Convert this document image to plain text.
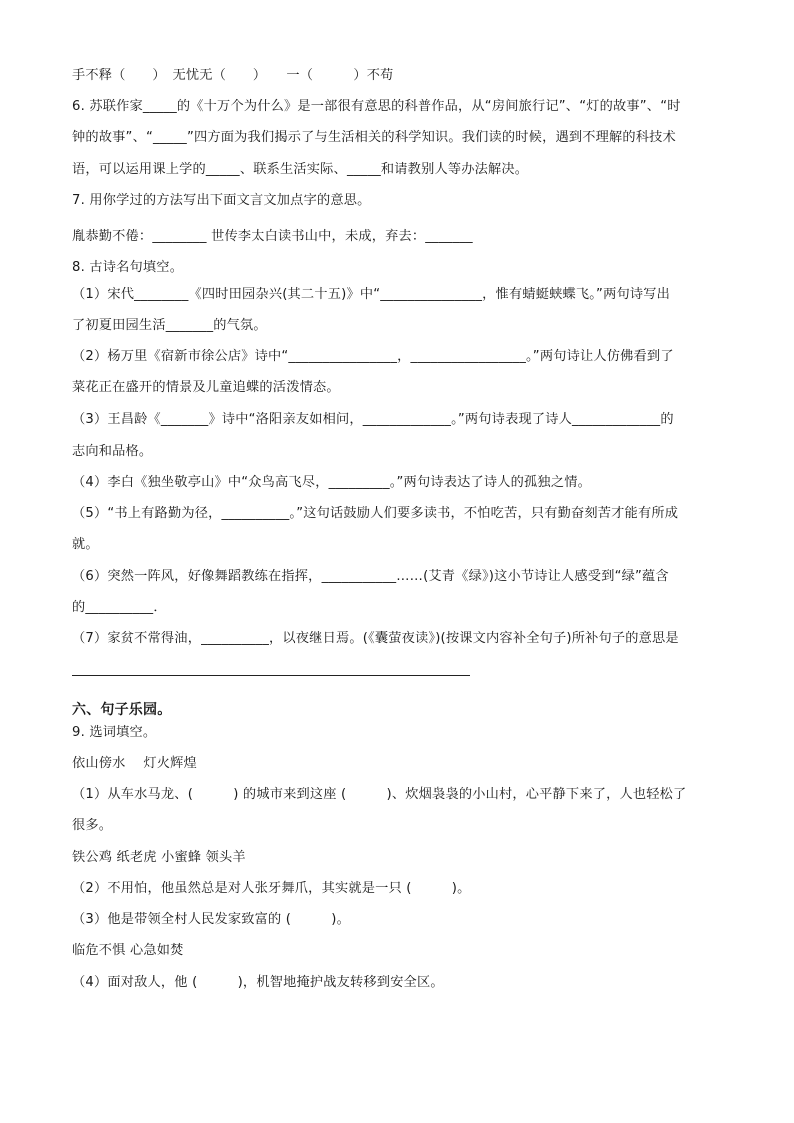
手不释（　　）　无忧无（　　）　　一（　　　）不苟
6. 苏联作家_____的《十万个为什么》是一部很有意思的科普作品，从“房间旅行记”、“灯的故事”、“时
钟的故事”、“_____”四方面为我们揭示了与生活相关的科学知识。我们读的时候，遇到不理解的科技术
语，可以运用课上学的_____、联系生活实际、_____和请教别人等办法解决。
7. 用你学过的方法写出下面文言文加点字的意思。
胤恭勤不倦：________ 世传李太白读书山中，未成，弃去：_______
8. 古诗名句填空。
（1）宋代________《四时田园杂兴(其二十五)》中“_______________，惟有蜻蜓蛱蝶飞。”两句诗写出
了初夏田园生活_______的气氛。
（2）杨万里《宿新市徐公店》诗中“________________，_________________。”两句诗让人仿佛看到了
菜花正在盛开的情景及儿童追蝶的活泼情态。
（3）王昌龄《_______》诗中“洛阳亲友如相问，_____________。”两句诗表现了诗人_____________的
志向和品格。
（4）李白《独坐敬亭山》中“众鸟高飞尽，_________。”两句诗表达了诗人的孤独之情。
（5）“书上有路勤为径，__________。”这句话鼓励人们要多读书，不怕吃苦，只有勤奋刻苦才能有所成
就。
（6）突然一阵风，好像舞蹈教练在指挥，___________……(艾青《绿》)这小节诗让人感受到“绿”蕴含
的__________．
（7）家贫不常得油，__________，以夜继日焉。(《囊萤夜读》)(按课文内容补全句子)所补句子的意思是
六、句子乐园。
9. 选词填空。
依山傍水　 灯火辉煌
（1）从车水马龙、(　　　) 的城市来到这座 (　　　)、炊烟袅袅的小山村，心平静下来了，人也轻松了
很多。
铁公鸡 纸老虎 小蜜蜂 领头羊
（2）不用怕，他虽然总是对人张牙舞爪，其实就是一只 (　　　)。
（3）他是带领全村人民发家致富的 (　　　)。
临危不惧 心急如焚
（4）面对敌人，他 (　　　)，机智地掩护战友转移到安全区。
